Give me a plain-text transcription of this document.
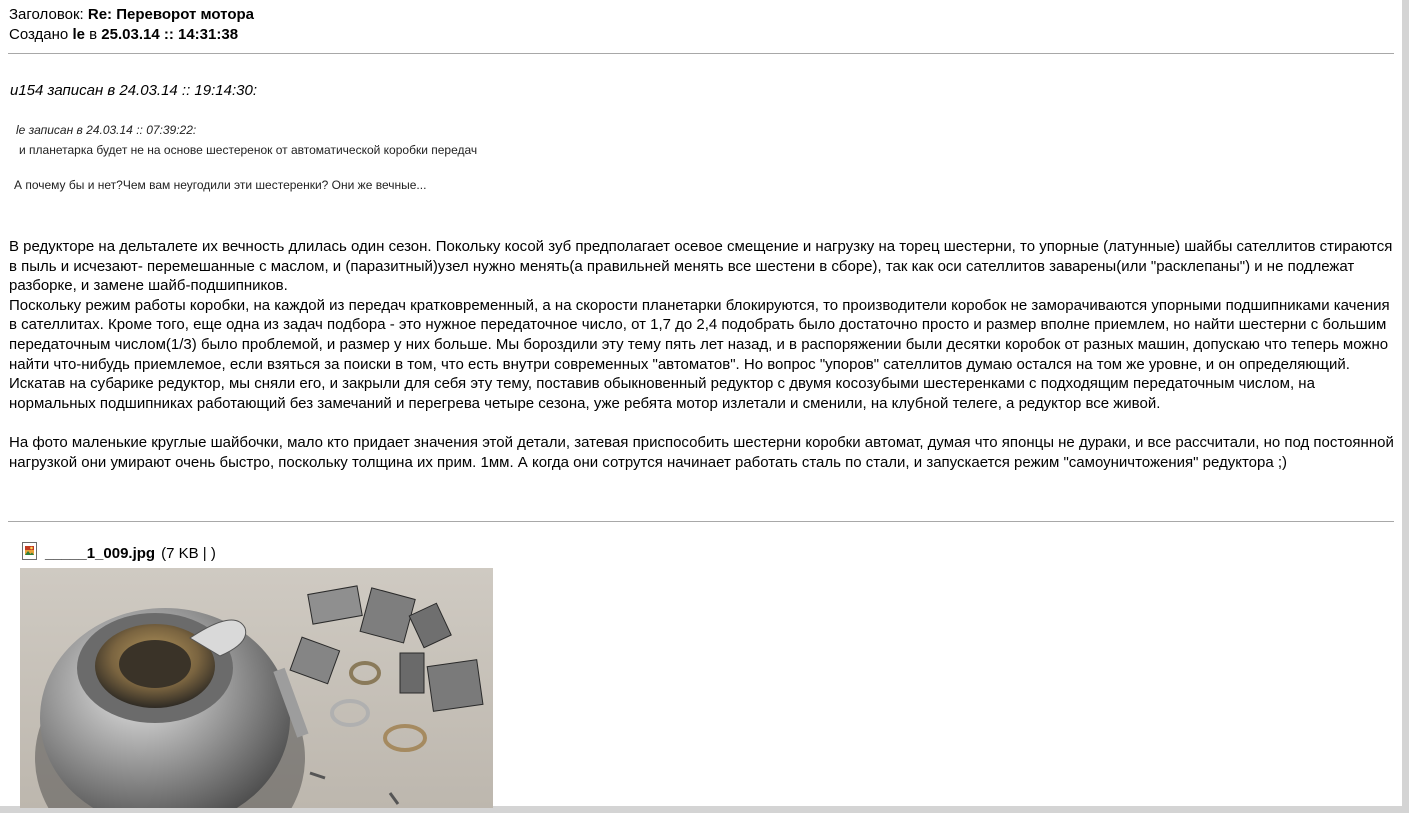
Заголовок: Re: Переворот мотора
Создано le в 25.03.14 :: 14:31:38
и154 записан в 24.03.14 :: 19:14:30:
le записан в 24.03.14 :: 07:39:22:
и планетарка будет не на основе шестеренок от автоматической коробки передач
А почему бы и нет?Чем вам неугодили эти шестеренки? Они же вечные...

В редукторе на дельталете их вечность длилась один сезон. Покольку косой зуб предполагает осевое смещение и нагрузку на торец шестерни, то упорные (латунные) шайбы сателлитов стираются в пыль и исчезают- перемешанные с маслом, и (паразитный)узел нужно менять(а правильней менять все шестени в сборе), так как оси сателлитов заварены(или "расклепаны") и не подлежат разборке, и замене шайб-подшипников.
Поскольку режим работы коробки, на каждой из передач кратковременный, а на скорости планетарки блокируются, то производители коробок не заморачиваются упорными подшипниками качения в сателлитах. Кроме того, еще одна из задач подбора - это нужное передаточное число, от 1,7 до 2,4 подобрать было достаточно просто и размер вполне приемлем, но найти шестерни с большим передаточным числом(1/3) было проблемой, и размер у них больше. Мы бороздили эту тему пять лет назад, и в распоряжении были десятки коробок от разных машин, допускаю что теперь можно найти что-нибудь приемлемое, если взяться за поиски в том, что есть внутри современных "автоматов". Но вопрос "упоров" сателлитов думаю остался на том же уровне, и он определяющий. Искатав на субарике редуктор, мы сняли его, и закрыли для себя эту тему, поставив обыкновенный редуктор с двумя косозубыми шестеренками с подходящим передаточным числом, на нормальных подшипниках работающий без замечаний и перегрева четыре сезона, уже ребята мотор излетали и сменили, на клубной телеге, а редуктор все живой.

На фото маленькие круглые шайбочки, мало кто придает значения этой детали, затевая приспособить шестерни коробки автомат, думая что японцы не дураки, и все рассчитали, но под постоянной нагрузкой они умирают очень быстро, поскольку толщина их прим. 1мм. А когда они сотрутся начинает работать сталь по стали, и запускается режим "самоуничтожения" редуктора ;)

_____1_009.jpg (7 KB | )
